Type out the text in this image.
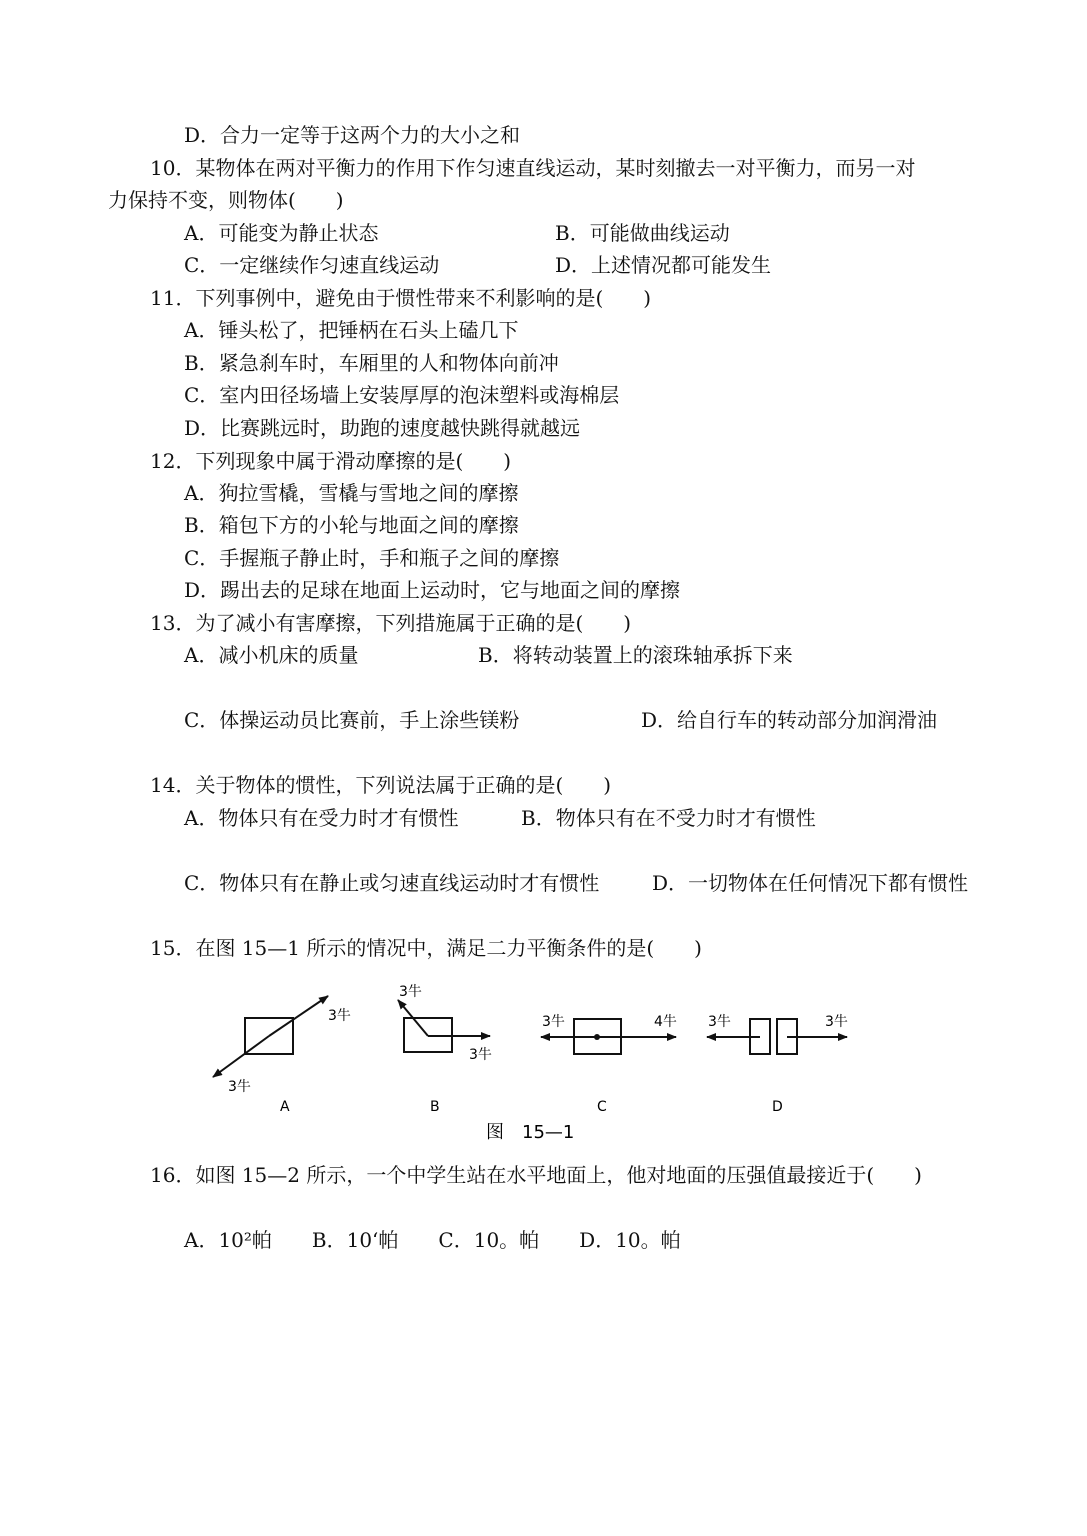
D．合力一定等于这两个力的大小之和
10．某物体在两对平衡力的作用下作匀速直线运动，某时刻撤去一对平衡力，而另一对
力保持不变，则物体(　　)
A．可能变为静止状态	B．可能做曲线运动
C．一定继续作匀速直线运动	D．上述情况都可能发生
11．下列事例中，避免由于惯性带来不利影响的是(　　)
A．锤头松了，把锤柄在石头上磕几下
B．紧急刹车时，车厢里的人和物体向前冲
C．室内田径场墙上安装厚厚的泡沫塑料或海棉层
D．比赛跳远时，助跑的速度越快跳得就越远
12．下列现象中属于滑动摩擦的是(　　)
A．狗拉雪橇，雪橇与雪地之间的摩擦
B．箱包下方的小轮与地面之间的摩擦
C．手握瓶子静止时，手和瓶子之间的摩擦
D．踢出去的足球在地面上运动时，它与地面之间的摩擦
13．为了减小有害摩擦，下列措施属于正确的是(　　)
A．减小机床的质量	B．将转动装置上的滚珠轴承拆下来
C．体操运动员比赛前，手上涂些镁粉	D．给自行车的转动部分加润滑油
14．关于物体的惯性，下列说法属于正确的是(　　)
A．物体只有在受力时才有惯性	B．物体只有在不受力时才有惯性
C．物体只有在静止或匀速直线运动时才有惯性	D．一切物体在任何情况下都有惯性
15．在图 15—1 所示的情况中，满足二力平衡条件的是(　　)
3牛
3牛
A
3牛
3牛
B
3牛	4牛
C
3牛	3牛
D
图　15—1
16．如图 15—2 所示，一个中学生站在水平地面上，他对地面的压强值最接近于(　　)
A．10²帕　　B．10‘帕　　C．10。帕　　D．10。帕
